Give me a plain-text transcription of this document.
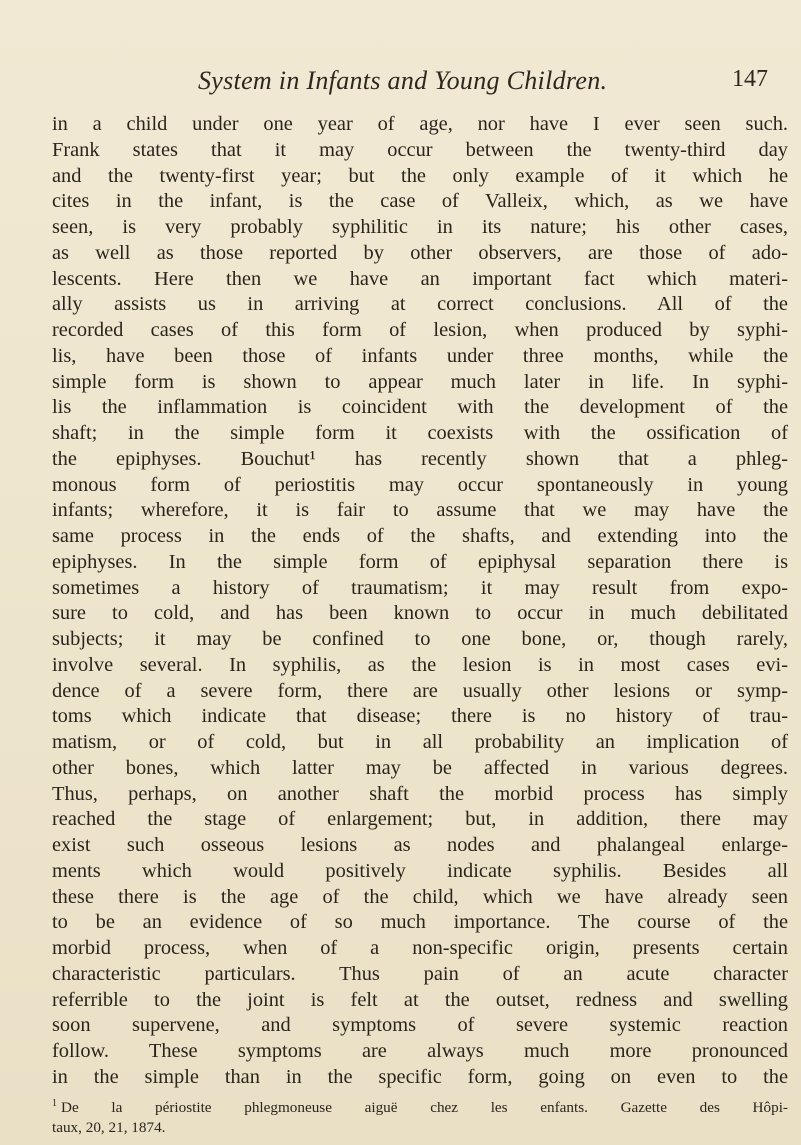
System in Infants and Young Children.	147
in a child under one year of age, nor have I ever seen such.
Frank states that it may occur between the twenty-third day
and the twenty-first year; but the only example of it which he
cites in the infant, is the case of Valleix, which, as we have
seen, is very probably syphilitic in its nature; his other cases,
as well as those reported by other observers, are those of ado-
lescents. Here then we have an important fact which materi-
ally assists us in arriving at correct conclusions. All of the
recorded cases of this form of lesion, when produced by syphi-
lis, have been those of infants under three months, while the
simple form is shown to appear much later in life. In syphi-
lis the inflammation is coincident with the development of the
shaft; in the simple form it coexists with the ossification of
the epiphyses. Bouchut¹ has recently shown that a phleg-
monous form of periostitis may occur spontaneously in young
infants; wherefore, it is fair to assume that we may have the
same process in the ends of the shafts, and extending into the
epiphyses. In the simple form of epiphysal separation there is
sometimes a history of traumatism; it may result from expo-
sure to cold, and has been known to occur in much debilitated
subjects; it may be confined to one bone, or, though rarely,
involve several. In syphilis, as the lesion is in most cases evi-
dence of a severe form, there are usually other lesions or symp-
toms which indicate that disease; there is no history of trau-
matism, or of cold, but in all probability an implication of
other bones, which latter may be affected in various degrees.
Thus, perhaps, on another shaft the morbid process has simply
reached the stage of enlargement; but, in addition, there may
exist such osseous lesions as nodes and phalangeal enlarge-
ments which would positively indicate syphilis. Besides all
these there is the age of the child, which we have already seen
to be an evidence of so much importance. The course of the
morbid process, when of a non-specific origin, presents certain
characteristic particulars. Thus pain of an acute character
referrible to the joint is felt at the outset, redness and swelling
soon supervene, and symptoms of severe systemic reaction
follow. These symptoms are always much more pronounced
in the simple than in the specific form, going on even to the
$^1$ De la périostite phlegmoneuse aiguë chez les enfants. Gazette des Hôpi-
taux, 20, 21, 1874.
